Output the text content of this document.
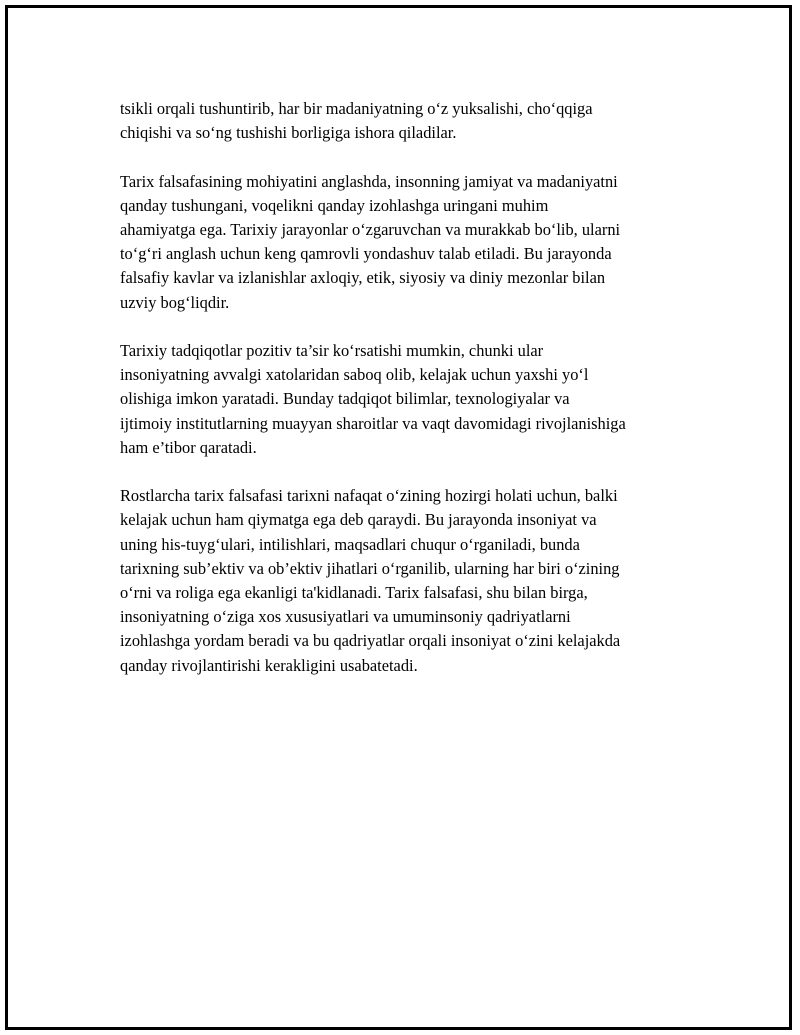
tsikli orqali tushuntirib, har bir madaniyatning o‘z yuksalishi, cho‘qqiga
chiqishi va so‘ng tushishi borligiga ishora qiladilar.

Tarix falsafasining mohiyatini anglashda, insonning jamiyat va madaniyatni
qanday tushungani, voqelikni qanday izohlashga uringani muhim
ahamiyatga ega. Tarixiy jarayonlar o‘zgaruvchan va murakkab bo‘lib, ularni
to‘g‘ri anglash uchun keng qamrovli yondashuv talab etiladi. Bu jarayonda
falsafiy kavlar va izlanishlar axloqiy, etik, siyosiy va diniy mezonlar bilan
uzviy bog‘liqdir.

Tarixiy tadqiqotlar pozitiv ta’sir ko‘rsatishi mumkin, chunki ular
insoniyatning avvalgi xatolaridan saboq olib, kelajak uchun yaxshi yo‘l
olishiga imkon yaratadi. Bunday tadqiqot bilimlar, texnologiyalar va
ijtimoiy institutlarning muayyan sharoitlar va vaqt davomidagi rivojlanishiga
ham e’tibor qaratadi.

Rostlarcha tarix falsafasi tarixni nafaqat o‘zining hozirgi holati uchun, balki
kelajak uchun ham qiymatga ega deb qaraydi. Bu jarayonda insoniyat va
uning his-tuyg‘ulari, intilishlari, maqsadlari chuqur o‘rganiladi, bunda
tarixning sub’ektiv va ob’ektiv jihatlari o‘rganilib, ularning har biri o‘zining
o‘rni va roliga ega ekanligi ta'kidlanadi. Tarix falsafasi, shu bilan birga,
insoniyatning o‘ziga xos xususiyatlari va umuminsoniy qadriyatlarni
izohlashga yordam beradi va bu qadriyatlar orqali insoniyat o‘zini kelajakda
qanday rivojlantirishi kerakligini usabatetadi.
